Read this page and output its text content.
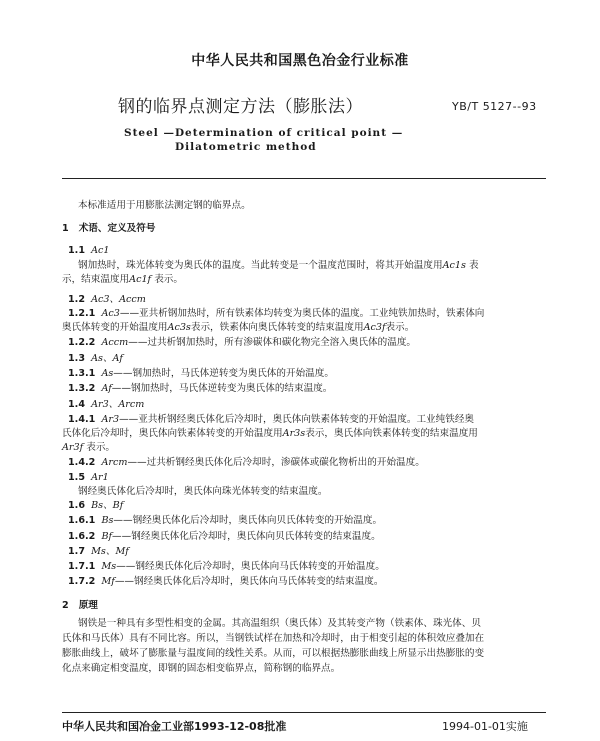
中华人民共和国黑色冶金行业标准
钢的临界点测定方法（膨胀法）	YB/T 5127--93
Steel —Determination of critical point —
Dilatometric method
本标准适用于用膨胀法测定钢的临界点。
1 术语、定义及符号
1.1 Ac1
钢加热时，珠光体转变为奥氏体的温度。当此转变是一个温度范围时，将其开始温度用Ac1s 表
示，结束温度用Ac1f 表示。
1.2 Ac3、Accm
1.2.1 Ac3——亚共析钢加热时，所有铁素体均转变为奥氏体的温度。工业纯铁加热时，铁素体向
奥氏体转变的开始温度用Ac3s表示，铁素体向奥氏体转变的结束温度用Ac3f表示。
1.2.2 Accm——过共析钢加热时，所有渗碳体和碳化物完全溶入奥氏体的温度。
1.3 As、Af
1.3.1 As——钢加热时，马氏体逆转变为奥氏体的开始温度。
1.3.2 Af——钢加热时，马氏体逆转变为奥氏体的结束温度。
1.4 Ar3、Arcm
1.4.1 Ar3——亚共析钢经奥氏体化后冷却时，奥氏体向铁素体转变的开始温度。工业纯铁经奥
氏体化后冷却时，奥氏体向铁素体转变的开始温度用Ar3s表示，奥氏体向铁素体转变的结束温度用
Ar3f 表示。
1.4.2 Arcm——过共析钢经奥氏体化后冷却时，渗碳体或碳化物析出的开始温度。
1.5 Ar1
钢经奥氏体化后冷却时，奥氏体向珠光体转变的结束温度。
1.6 Bs、Bf
1.6.1 Bs——钢经奥氏体化后冷却时，奥氏体向贝氏体转变的开始温度。
1.6.2 Bf——钢经奥氏体化后冷却时，奥氏体向贝氏体转变的结束温度。
1.7 Ms、Mf
1.7.1 Ms——钢经奥氏体化后冷却时，奥氏体向马氏体转变的开始温度。
1.7.2 Mf——钢经奥氏体化后冷却时，奥氏体向马氏体转变的结束温度。
2 原理
钢铁是一种具有多型性相变的金属。其高温组织（奥氏体）及其转变产物（铁素体、珠光体、贝
氏体和马氏体）具有不同比容。所以，当钢铁试样在加热和冷却时，由于相变引起的体积效应叠加在
膨胀曲线上，破坏了膨胀量与温度间的线性关系。从而，可以根据热膨胀曲线上所显示出热膨胀的变
化点来确定相变温度，即钢的固态相变临界点，简称钢的临界点。
中华人民共和国冶金工业部1993-12-08批准	1994-01-01实施
